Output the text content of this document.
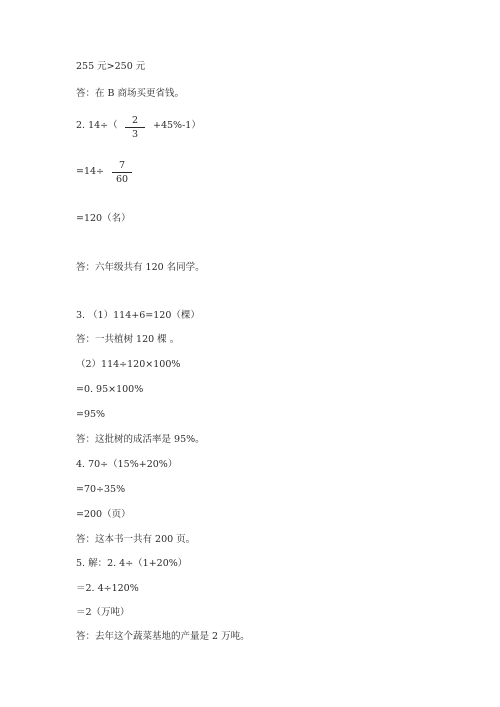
255 元>250 元
答：在 B 商场买更省钱。
2. 14÷（	2
3
+45%-1）
=14÷
7
60
=120（名）
答：六年级共有 120 名同学。
3. （1）114+6=120（棵）
答：一共植树 120 棵 。
（2）114÷120×100%
=0. 95×100%
=95%
答：这批树的成活率是 95%。
4. 70÷（15%+20%）
=70÷35%
=200（页）
答：这本书一共有 200 页。
5. 解：2. 4÷（1+20%）
＝2. 4÷120%
＝2（万吨）
答：去年这个蔬菜基地的产量是 2 万吨。
